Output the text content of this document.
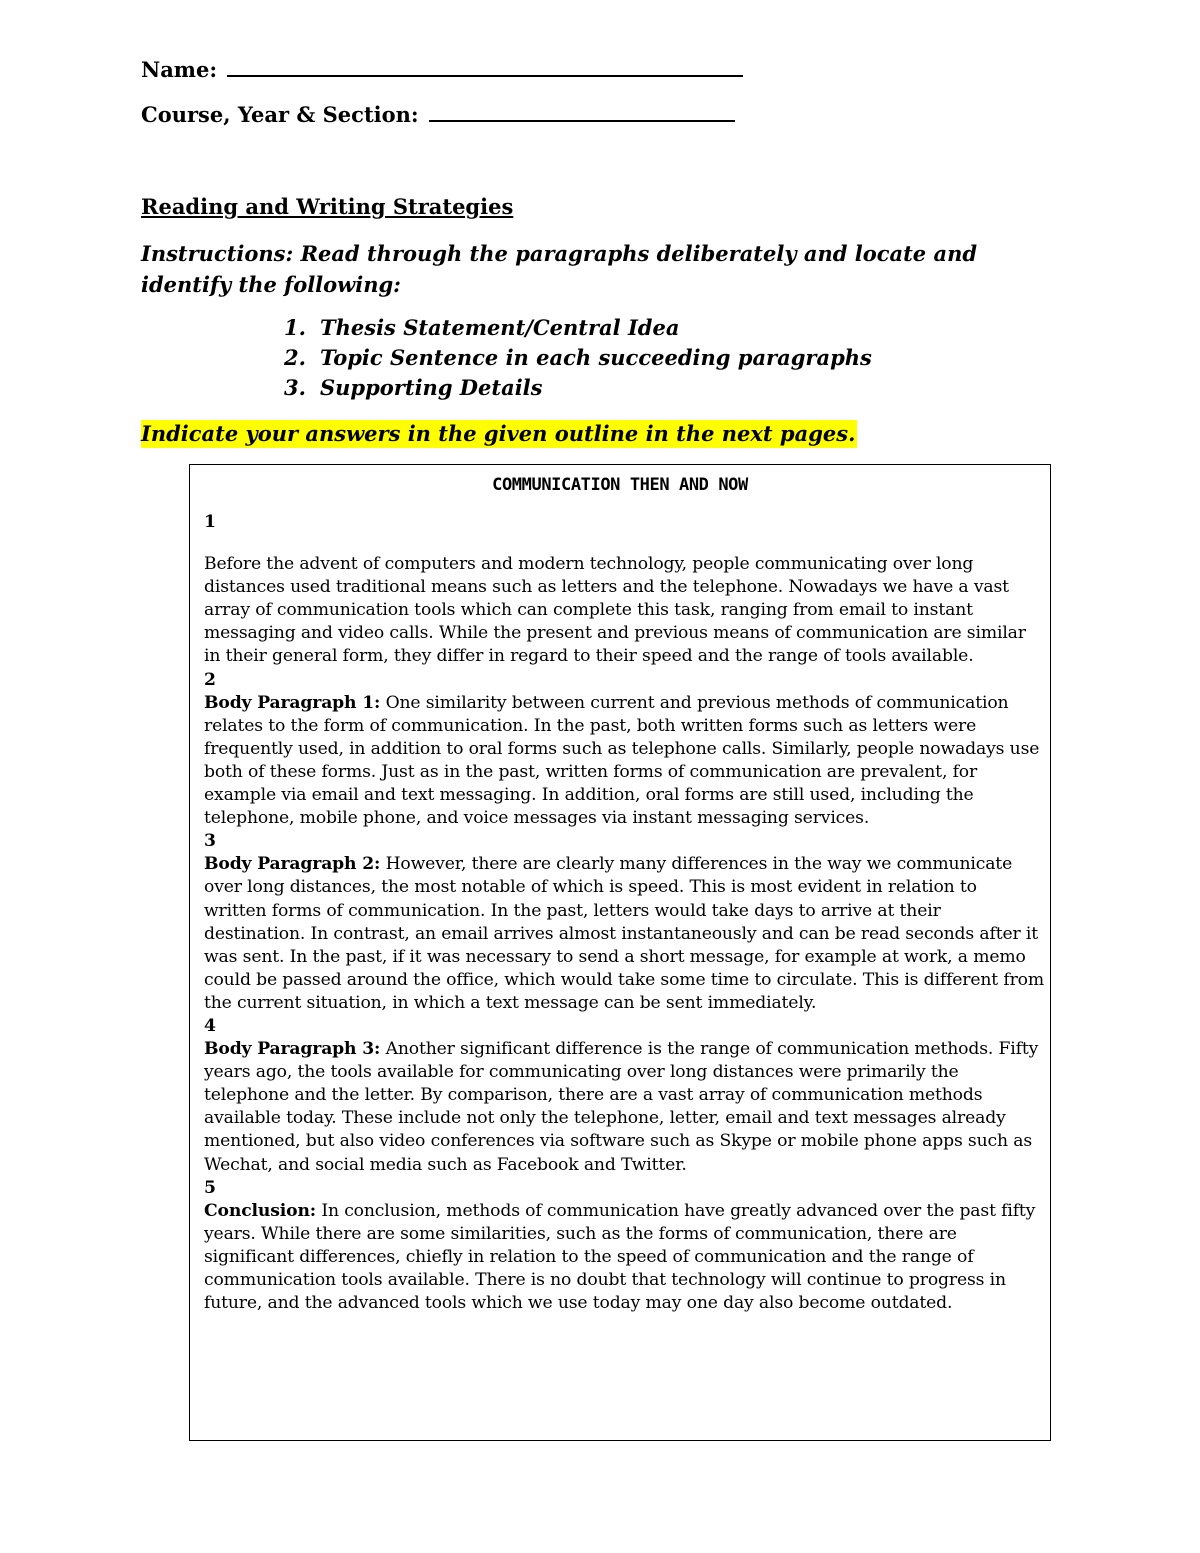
Name:
Course, Year & Section:
Reading and Writing Strategies
Instructions: Read through the paragraphs deliberately and locate and identify the following:
1. Thesis Statement/Central Idea
2. Topic Sentence in each succeeding paragraphs
3. Supporting Details
Indicate your answers in the given outline in the next pages.
COMMUNICATION THEN AND NOW
1

Before the advent of computers and modern technology, people communicating over long distances used traditional means such as letters and the telephone. Nowadays we have a vast array of communication tools which can complete this task, ranging from email to instant messaging and video calls. While the present and previous means of communication are similar in their general form, they differ in regard to their speed and the range of tools available.

2

Body Paragraph 1: One similarity between current and previous methods of communication relates to the form of communication. In the past, both written forms such as letters were frequently used, in addition to oral forms such as telephone calls. Similarly, people nowadays use both of these forms. Just as in the past, written forms of communication are prevalent, for example via email and text messaging. In addition, oral forms are still used, including the telephone, mobile phone, and voice messages via instant messaging services.

3

Body Paragraph 2: However, there are clearly many differences in the way we communicate over long distances, the most notable of which is speed. This is most evident in relation to written forms of communication. In the past, letters would take days to arrive at their destination. In contrast, an email arrives almost instantaneously and can be read seconds after it was sent. In the past, if it was necessary to send a short message, for example at work, a memo could be passed around the office, which would take some time to circulate. This is different from the current situation, in which a text message can be sent immediately.

4

Body Paragraph 3: Another significant difference is the range of communication methods. Fifty years ago, the tools available for communicating over long distances were primarily the telephone and the letter. By comparison, there are a vast array of communication methods available today. These include not only the telephone, letter, email and text messages already mentioned, but also video conferences via software such as Skype or mobile phone apps such as Wechat, and social media such as Facebook and Twitter.

5

Conclusion: In conclusion, methods of communication have greatly advanced over the past fifty years. While there are some similarities, such as the forms of communication, there are significant differences, chiefly in relation to the speed of communication and the range of communication tools available. There is no doubt that technology will continue to progress in future, and the advanced tools which we use today may one day also become outdated.
